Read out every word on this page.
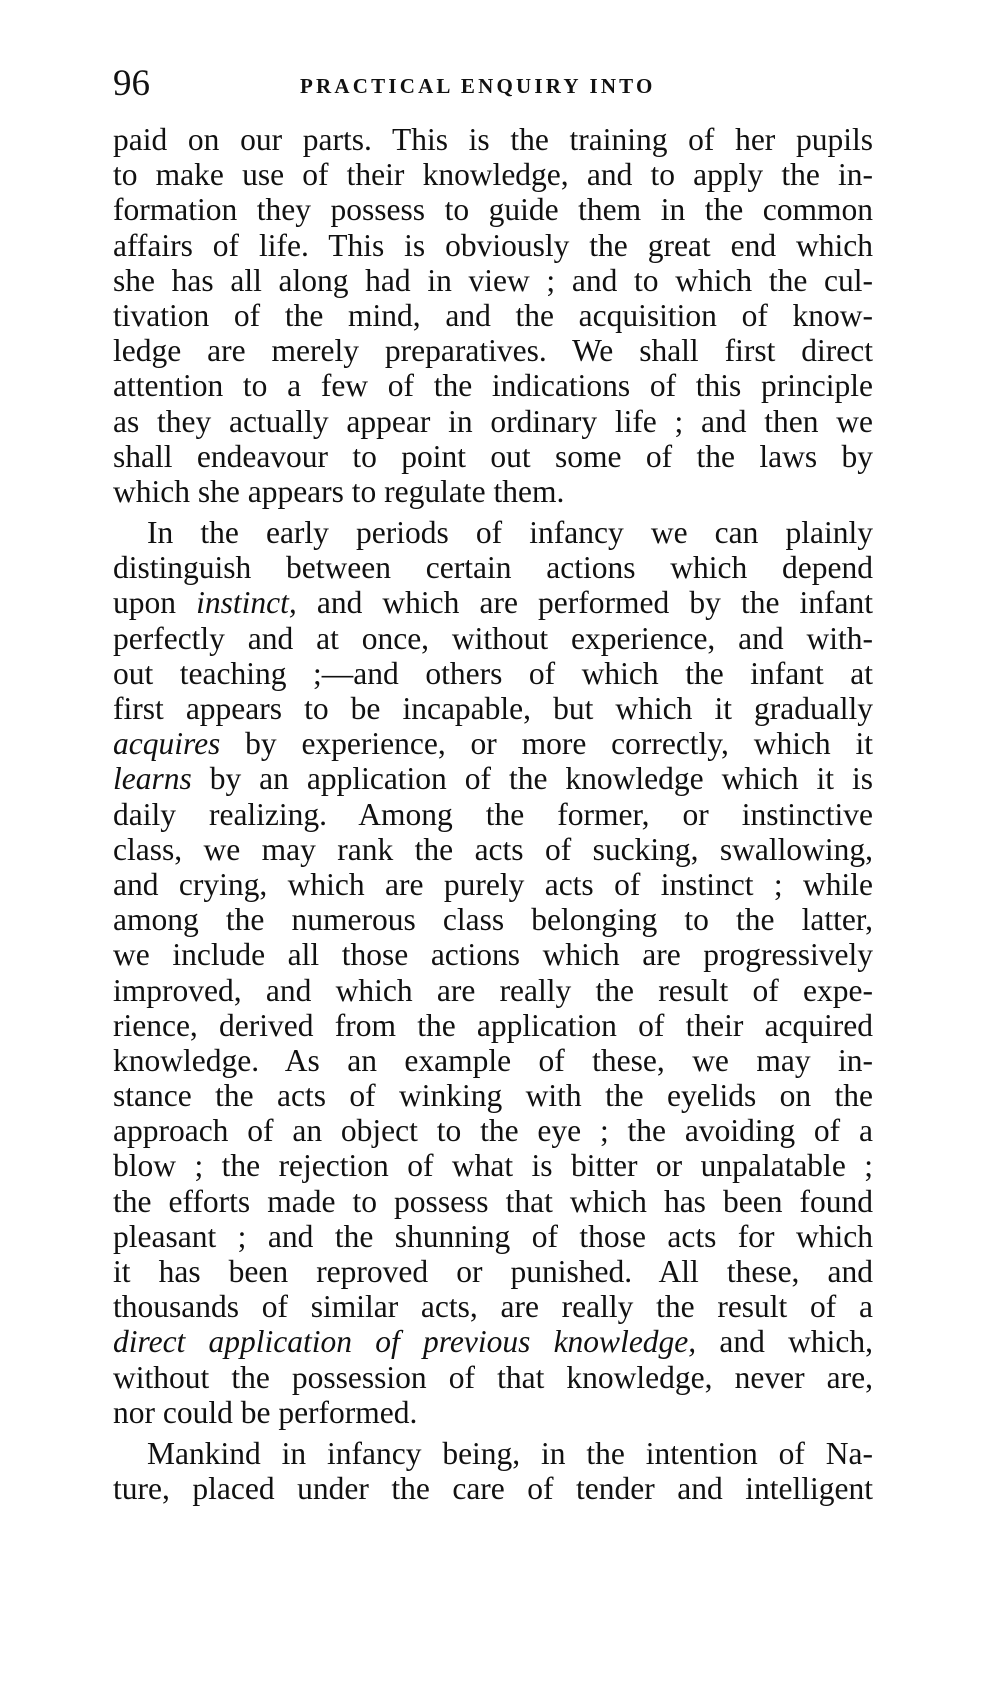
96	PRACTICAL ENQUIRY INTO
paid on our parts. This is the training of her pupils
to make use of their knowledge, and to apply the in-
formation they possess to guide them in the common
affairs of life. This is obviously the great end which
she has all along had in view ; and to which the cul-
tivation of the mind, and the acquisition of know-
ledge are merely preparatives. We shall first direct
attention to a few of the indications of this principle
as they actually appear in ordinary life ; and then we
shall endeavour to point out some of the laws by
which she appears to regulate them.
In the early periods of infancy we can plainly
distinguish between certain actions which depend
upon instinct, and which are performed by the infant
perfectly and at once, without experience, and with-
out teaching ;—and others of which the infant at
first appears to be incapable, but which it gradually
acquires by experience, or more correctly, which it
learns by an application of the knowledge which it is
daily realizing. Among the former, or instinctive
class, we may rank the acts of sucking, swallowing,
and crying, which are purely acts of instinct ; while
among the numerous class belonging to the latter,
we include all those actions which are progressively
improved, and which are really the result of expe-
rience, derived from the application of their acquired
knowledge. As an example of these, we may in-
stance the acts of winking with the eyelids on the
approach of an object to the eye ; the avoiding of a
blow ; the rejection of what is bitter or unpalatable ;
the efforts made to possess that which has been found
pleasant ; and the shunning of those acts for which
it has been reproved or punished. All these, and
thousands of similar acts, are really the result of a
direct application of previous knowledge, and which,
without the possession of that knowledge, never are,
nor could be performed.
Mankind in infancy being, in the intention of Na-
ture, placed under the care of tender and intelligent
